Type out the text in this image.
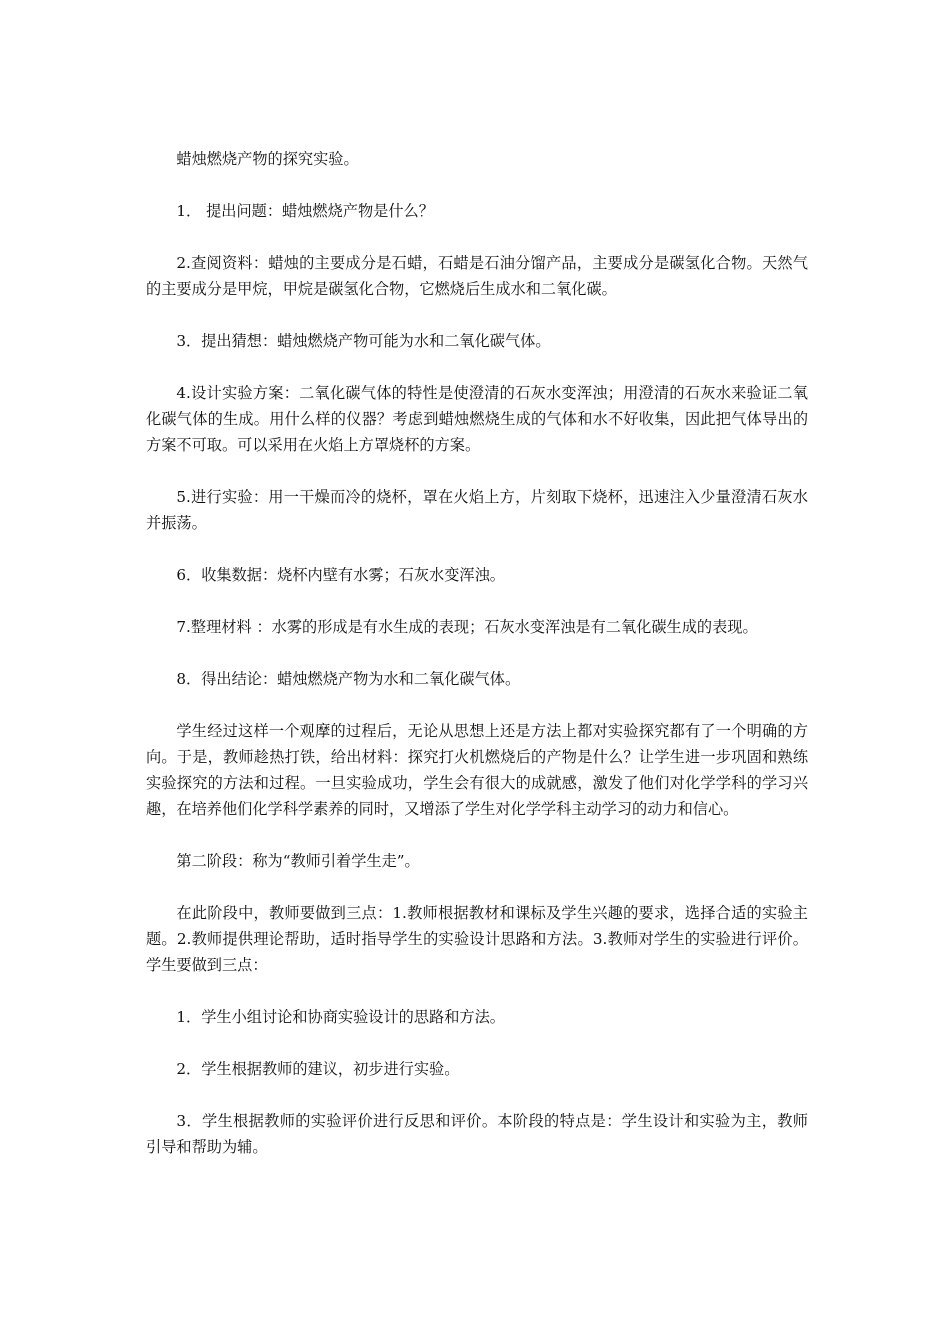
蜡烛燃烧产物的探究实验。

1． 提出问题：蜡烛燃烧产物是什么？

2.查阅资料：蜡烛的主要成分是石蜡，石蜡是石油分馏产品，主要成分是碳氢化合物。天然气的主要成分是甲烷，甲烷是碳氢化合物，它燃烧后生成水和二氧化碳。

3．提出猜想：蜡烛燃烧产物可能为水和二氧化碳气体。

4.设计实验方案：二氧化碳气体的特性是使澄清的石灰水变浑浊；用澄清的石灰水来验证二氧化碳气体的生成。用什么样的仪器？考虑到蜡烛燃烧生成的气体和水不好收集，因此把气体导出的方案不可取。可以采用在火焰上方罩烧杯的方案。

5.进行实验：用一干燥而冷的烧杯，罩在火焰上方，片刻取下烧杯，迅速注入少量澄清石灰水并振荡。

6．收集数据：烧杯内壁有水雾；石灰水变浑浊。

7.整理材料 ：水雾的形成是有水生成的表现；石灰水变浑浊是有二氧化碳生成的表现。

8．得出结论：蜡烛燃烧产物为水和二氧化碳气体。

学生经过这样一个观摩的过程后，无论从思想上还是方法上都对实验探究都有了一个明确的方向。于是，教师趁热打铁，给出材料：探究打火机燃烧后的产物是什么？让学生进一步巩固和熟练实验探究的方法和过程。一旦实验成功，学生会有很大的成就感，激发了他们对化学学科的学习兴趣，在培养他们化学科学素养的同时，又增添了学生对化学学科主动学习的动力和信心。

第二阶段：称为“教师引着学生走”。

在此阶段中，教师要做到三点：1.教师根据教材和课标及学生兴趣的要求，选择合适的实验主题。2.教师提供理论帮助，适时指导学生的实验设计思路和方法。3.教师对学生的实验进行评价。学生要做到三点：

1．学生小组讨论和协商实验设计的思路和方法。

2．学生根据教师的建议，初步进行实验。

3．学生根据教师的实验评价进行反思和评价。本阶段的特点是：学生设计和实验为主，教师引导和帮助为辅。
